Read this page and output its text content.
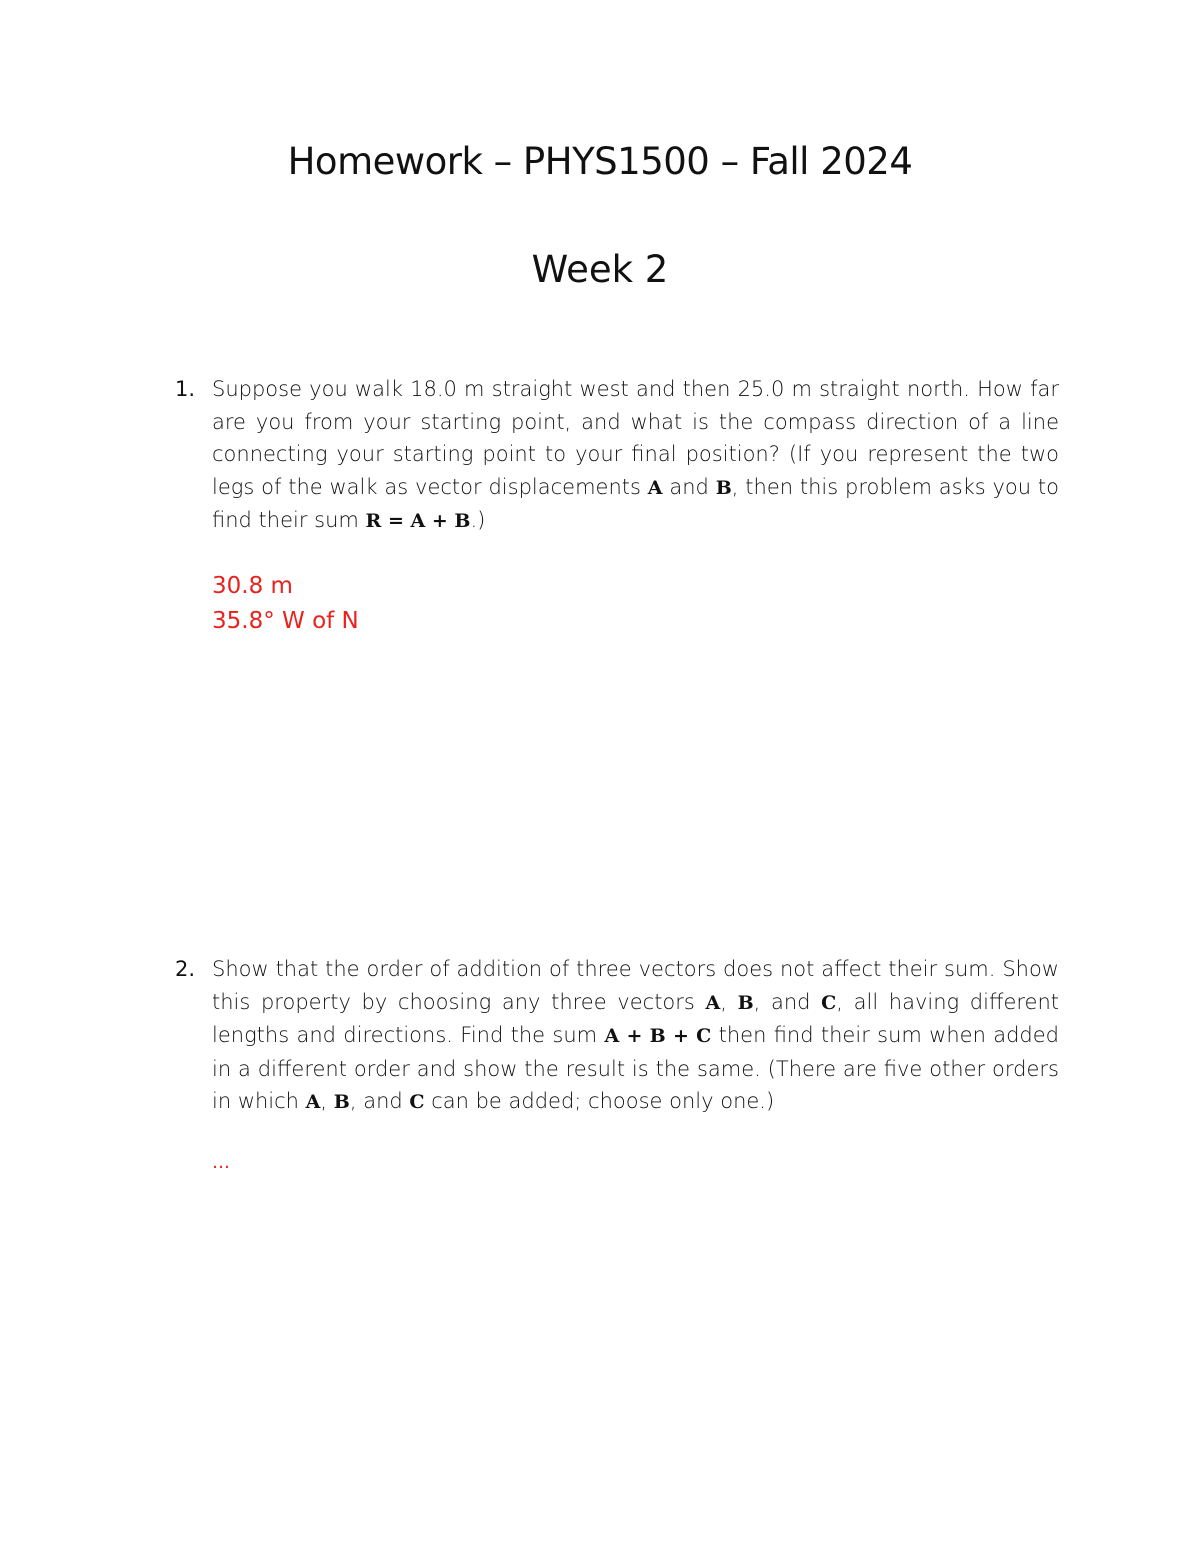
Homework – PHYS1500 – Fall 2024
Week 2
1. Suppose you walk 18.0 m straight west and then 25.0 m straight north. How far are you from your starting point, and what is the compass direction of a line connecting your starting point to your final position? (If you represent the two legs of the walk as vector displacements A and B, then this problem asks you to find their sum R = A + B.)
30.8 m
35.8° W of N
2. Show that the order of addition of three vectors does not affect their sum. Show this property by choosing any three vectors A, B, and C, all having different lengths and directions. Find the sum A + B + C then find their sum when added in a different order and show the result is the same. (There are five other orders in which A, B, and C can be added; choose only one.)
…
